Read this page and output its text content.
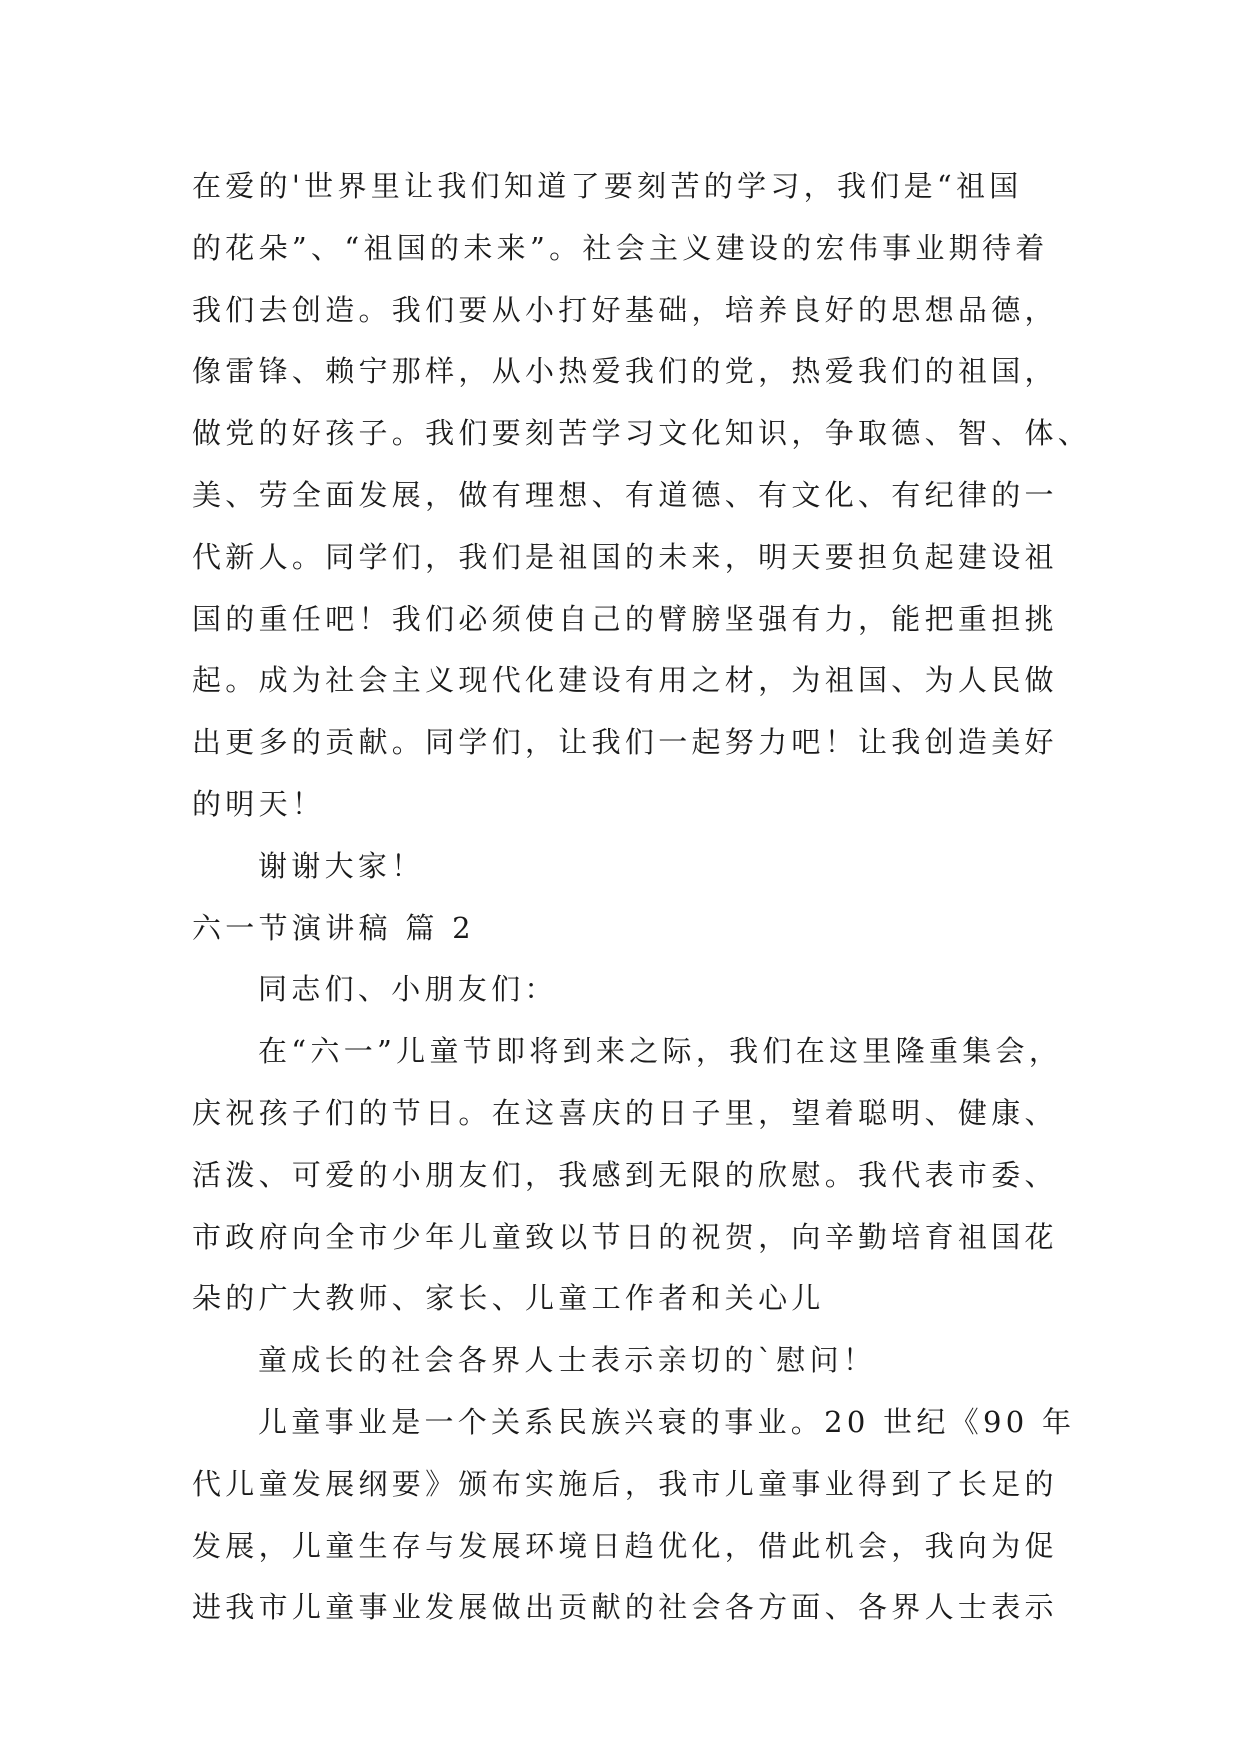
在爱的'世界里让我们知道了要刻苦的学习，我们是“祖国
的花朵”、“祖国的未来”。社会主义建设的宏伟事业期待着
我们去创造。我们要从小打好基础，培养良好的思想品德，
像雷锋、赖宁那样，从小热爱我们的党，热爱我们的祖国，
做党的好孩子。我们要刻苦学习文化知识，争取德、智、体、
美、劳全面发展，做有理想、有道德、有文化、有纪律的一
代新人。同学们，我们是祖国的未来，明天要担负起建设祖
国的重任吧！我们必须使自己的臂膀坚强有力，能把重担挑
起。成为社会主义现代化建设有用之材，为祖国、为人民做
出更多的贡献。同学们，让我们一起努力吧！让我创造美好
的明天！
谢谢大家！
六一节演讲稿 篇 2
同志们、小朋友们：
在“六一”儿童节即将到来之际，我们在这里隆重集会，
庆祝孩子们的节日。在这喜庆的日子里，望着聪明、健康、
活泼、可爱的小朋友们，我感到无限的欣慰。我代表市委、
市政府向全市少年儿童致以节日的祝贺，向辛勤培育祖国花
朵的广大教师、家长、儿童工作者和关心儿
童成长的社会各界人士表示亲切的`慰问！
儿童事业是一个关系民族兴衰的事业。20 世纪《90 年
代儿童发展纲要》颁布实施后，我市儿童事业得到了长足的
发展，儿童生存与发展环境日趋优化，借此机会，我向为促
进我市儿童事业发展做出贡献的社会各方面、各界人士表示
